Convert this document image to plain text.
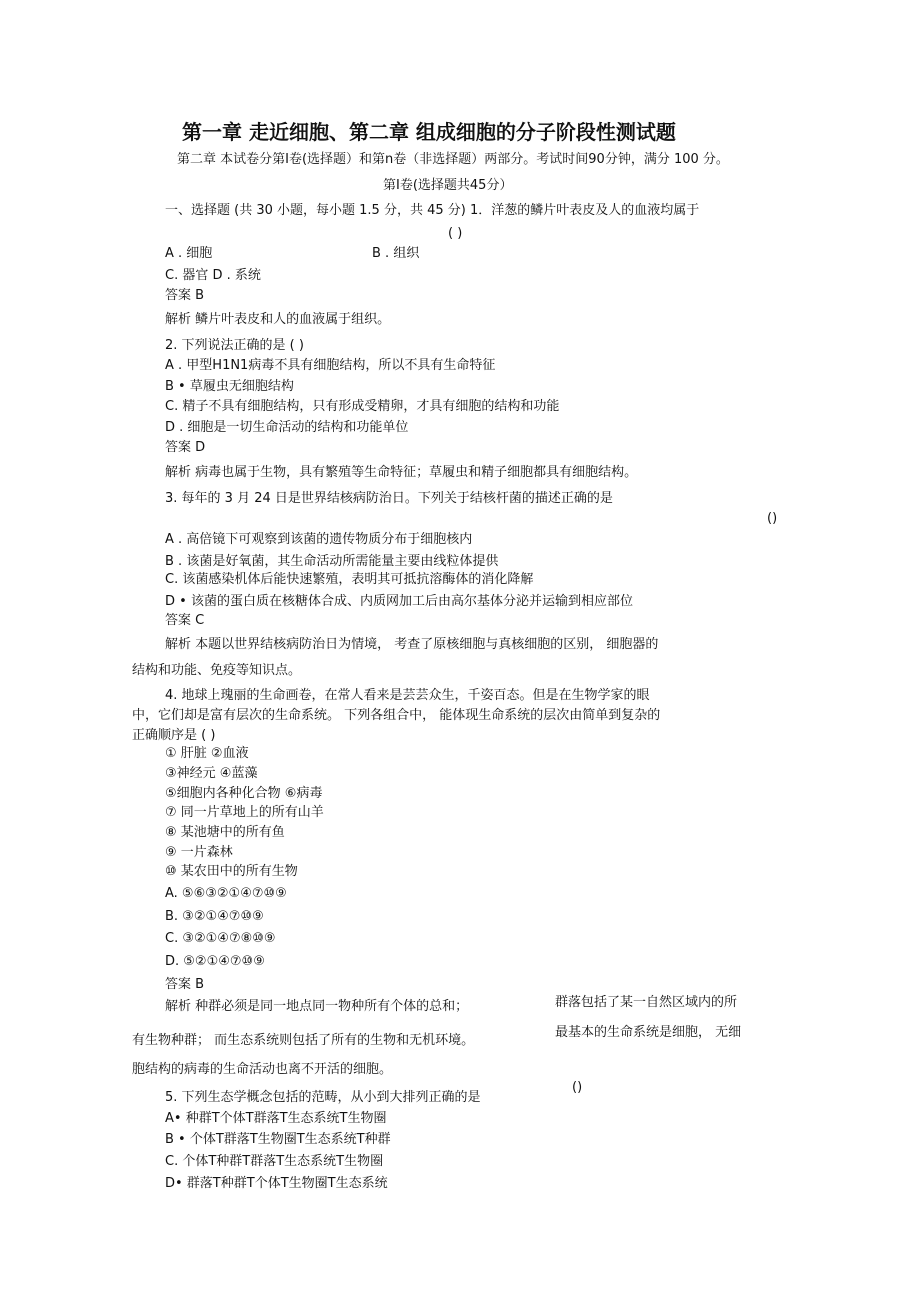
第一章 走近细胞、第二章 组成细胞的分子阶段性测试题
第二章 本试卷分第Ⅰ卷(选择题）和第n卷（非选择题）两部分。考试时间90分钟，满分 100 分。
第Ⅰ卷(选择题共45分）
一、选择题 (共 30 小题，每小题 1.5 分，共 45 分) 1．洋葱的鳞片叶表皮及人的血液均属于
( )
A . 细胞	B . 组织
C. 器官 D . 系统
答案 B
解析 鳞片叶表皮和人的血液属于组织。
2. 下列说法正确的是 ( )
A . 甲型H1N1病毒不具有细胞结构，所以不具有生命特征
B • 草履虫无细胞结构
C. 精子不具有细胞结构，只有形成受精卵，才具有细胞的结构和功能
D . 细胞是一切生命活动的结构和功能单位
答案 D
解析 病毒也属于生物，具有繁殖等生命特征；草履虫和精子细胞都具有细胞结构。
3. 每年的 3 月 24 日是世界结核病防治日。下列关于结核杆菌的描述正确的是
()
A . 高倍镜下可观察到该菌的遗传物质分布于细胞核内
B . 该菌是好氧菌，其生命活动所需能量主要由线粒体提供
C. 该菌感染机体后能快速繁殖，表明其可抵抗溶酶体的消化降解
D • 该菌的蛋白质在核糖体合成、内质网加工后由高尔基体分泌并运输到相应部位
答案 C
解析 本题以世界结核病防治日为情境， 考查了原核细胞与真核细胞的区别， 细胞器的
结构和功能、免疫等知识点。
4. 地球上瑰丽的生命画卷，在常人看来是芸芸众生，千姿百态。但是在生物学家的眼
中，它们却是富有层次的生命系统。 下列各组合中， 能体现生命系统的层次由简单到复杂的
正确顺序是 ( )
① 肝脏 ②血液
③神经元 ④蓝藻
⑤细胞内各种化合物 ⑥病毒
⑦ 同一片草地上的所有山羊
⑧ 某池塘中的所有鱼
⑨ 一片森林
⑩ 某农田中的所有生物
A. ⑤⑥③②①④⑦⑩⑨
B. ③②①④⑦⑩⑨
C. ③②①④⑦⑧⑩⑨
D. ⑤②①④⑦⑩⑨
答案 B
解析 种群必须是同一地点同一物种所有个体的总和；	群落包括了某一自然区域内的所
有生物种群； 而生态系统则包括了所有的生物和无机环境。
最基本的生命系统是细胞， 无细
胞结构的病毒的生命活动也离不开活的细胞。
()
5. 下列生态学概念包括的范畴，从小到大排列正确的是
A• 种群T个体T群落T生态系统T生物圈
B • 个体T群落T生物圈T生态系统T种群
C. 个体T种群T群落T生态系统T生物圈
D• 群落T种群T个体T生物圈T生态系统
